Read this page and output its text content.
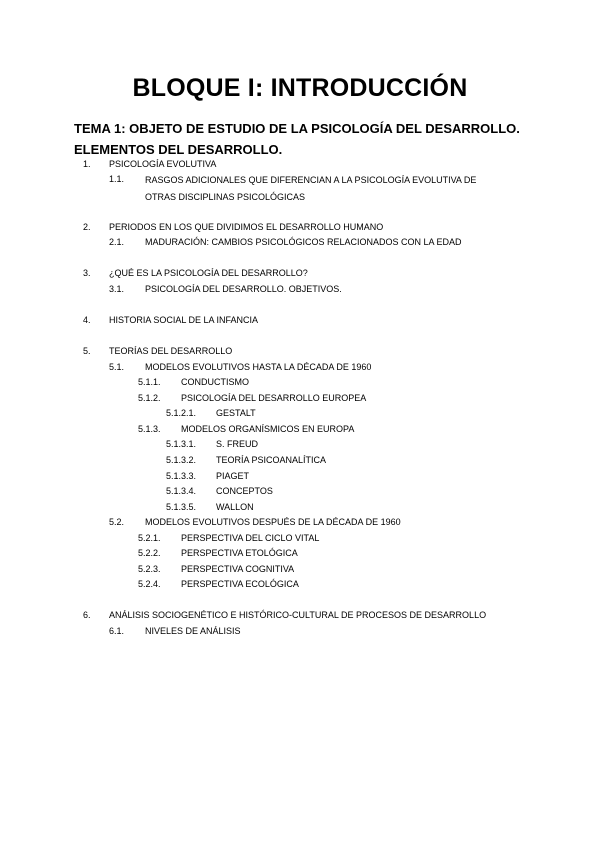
BLOQUE I: INTRODUCCIÓN
TEMA 1: OBJETO DE ESTUDIO DE LA PSICOLOGÍA DEL DESARROLLO. ELEMENTOS DEL DESARROLLO.
1. PSICOLOGÍA EVOLUTIVA
1.1. RASGOS ADICIONALES QUE DIFERENCIAN A LA PSICOLOGÍA EVOLUTIVA DE OTRAS DISCIPLINAS PSICOLÓGICAS
2. PERIODOS EN LOS QUE DIVIDIMOS EL DESARROLLO HUMANO
2.1. MADURACIÓN: CAMBIOS PSICOLÓGICOS RELACIONADOS CON LA EDAD
3. ¿QUÉ ES LA PSICOLOGÍA DEL DESARROLLO?
3.1. PSICOLOGÍA DEL DESARROLLO. OBJETIVOS.
4. HISTORIA SOCIAL DE LA INFANCIA
5. TEORÍAS DEL DESARROLLO
5.1. MODELOS EVOLUTIVOS HASTA LA DÉCADA DE 1960
5.1.1. CONDUCTISMO
5.1.2. PSICOLOGÍA DEL DESARROLLO EUROPEA
5.1.2.1. GESTALT
5.1.3. MODELOS ORGANÍSMICOS EN EUROPA
5.1.3.1. S. FREUD
5.1.3.2. TEORÍA PSICOANALÍTICA
5.1.3.3. PIAGET
5.1.3.4. CONCEPTOS
5.1.3.5. WALLON
5.2. MODELOS EVOLUTIVOS DESPUÉS DE LA DÉCADA DE 1960
5.2.1. PERSPECTIVA DEL CICLO VITAL
5.2.2. PERSPECTIVA ETOLÓGICA
5.2.3. PERSPECTIVA COGNITIVA
5.2.4. PERSPECTIVA ECOLÓGICA
6. ANÁLISIS SOCIOGENÉTICO E HISTÓRICO-CULTURAL DE PROCESOS DE DESARROLLO
6.1. NIVELES DE ANÁLISIS
